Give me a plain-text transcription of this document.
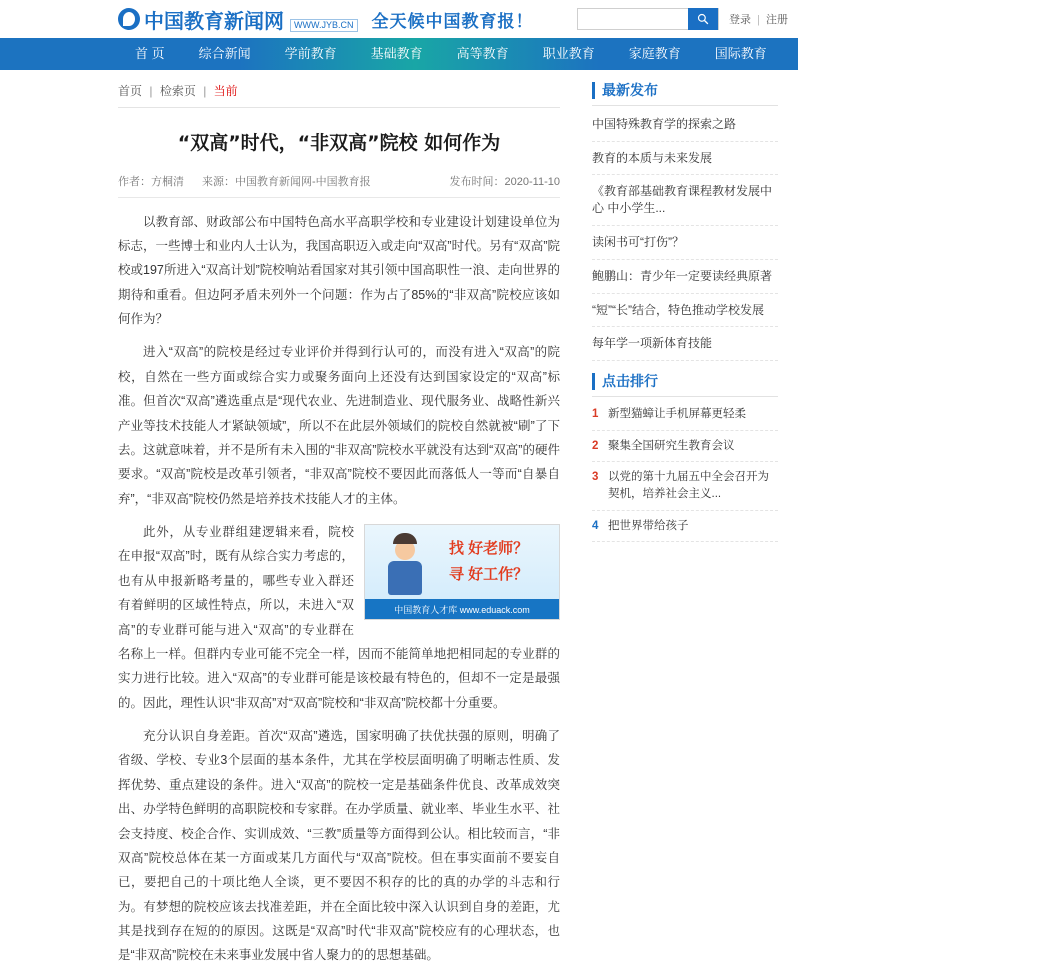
中国教育新闻网	WWW.JYB.CN 全天候中国教育报！	登录 | 注册
首 页	综合新闻	学前教育	基础教育	高等教育	职业教育	家庭教育	国际教育	民族教育	思想理论	书香校园
首页 | 检索页 | 当前
“双高”时代，“非双高”院校 如何作为
作者：方桐清 来源：中国教育新闻网-中国教育报	发布时间：2020-11-10

以教育部、财政部公布中国特色高水平高职学校和专业建设计划建设单位为标志，一些博士和业内人士认为，我国高职迈入或走向“双高”时代。另有“双高”院校或197所进入“双高计划”院校响站看国家对其引领中国高职性一浪、走向世界的期待和重看。但边阿矛盾未列外一个问题：作为占了85%的“非双高”院校应该如何作为？

进入“双高”的院校是经过专业评价并得到行认可的，而没有进入“双高”的院校，自然在一些方面或综合实力或聚务面向上还没有达到国家设定的“双高”标准。但首次“双高”遴选重点是“现代农业、先进制造业、现代服务业、战略性新兴产业等技术技能人才紧缺领域”，所以不在此层外领域们的院校自然就被“刷”了下去。这就意味着，并不是所有未入围的“非双高”院校水平就没有达到“双高”的硬件要求。“双高”院校是改革引领者，“非双高”院校不要因此而落低人一等而“自暴自弃”，“非双高”院校仍然是培养技术技能人才的主体。

找 好老师？
寻 好工作？
中国教育人才库 www.eduack.com

此外，从专业群组建逻辑来看，院校在申报“双高”时，既有从综合实力考虑的，也有从申报新略考量的，哪些专业入群还有着鲜明的区域性特点，所以，未进入“双高”的专业群可能与进入“双高”的专业群在名称上一样。但群内专业可能不完全一样，因而不能简单地把相同起的专业群的实力进行比较。进入“双高”的专业群可能是该校最有特色的，但却不一定是最强的。因此，理性认识“非双高”对“双高”院校和“非双高”院校都十分重要。

充分认识自身差距。首次“双高”遴选，国家明确了扶优扶强的原则，明确了省级、学校、专业3个层面的基本条件，尤其在学校层面明确了明晰志性质、发挥优势、重点建设的条件。进入“双高”的院校一定是基础条件优良、改革成效突出、办学特色鲜明的高职院校和专家群。在办学质量、就业率、毕业生水平、社会支持度、校企合作、实训成效、“三教”质量等方面得到公认。相比较而言，“非双高”院校总体在某一方面或某几方面代与“双高”院校。但在事实面前不要妄自已，要把自己的十项比绝人全谈，更不要因不积存的比的真的办学的斗志和行为。有梦想的院校应该去找准差距，并在全面比较中深入认识到自身的差距，尤其是找到存在短的的原因。这既是“双高”时代“非双高”院校应有的心理状态，也是“非双高”院校在未来事业发展中省人聚力的的思想基础。

最新发布
中国特殊教育学的探索之路
教育的本质与未来发展
《教育部基础教育课程教材发展中心 中小学生...
读闲书可“打伤”？
鲍鹏山：青少年一定要读经典原著
“短”“长”结合，特色推动学校发展
每年学一项新体育技能
点击排行
1 新型猫蟑让手机屏幕更轻柔
2 聚集全国研究生教育会议
3 以党的第十九届五中全会召开为契机，培养社会主义...
4 把世界带给孩子
